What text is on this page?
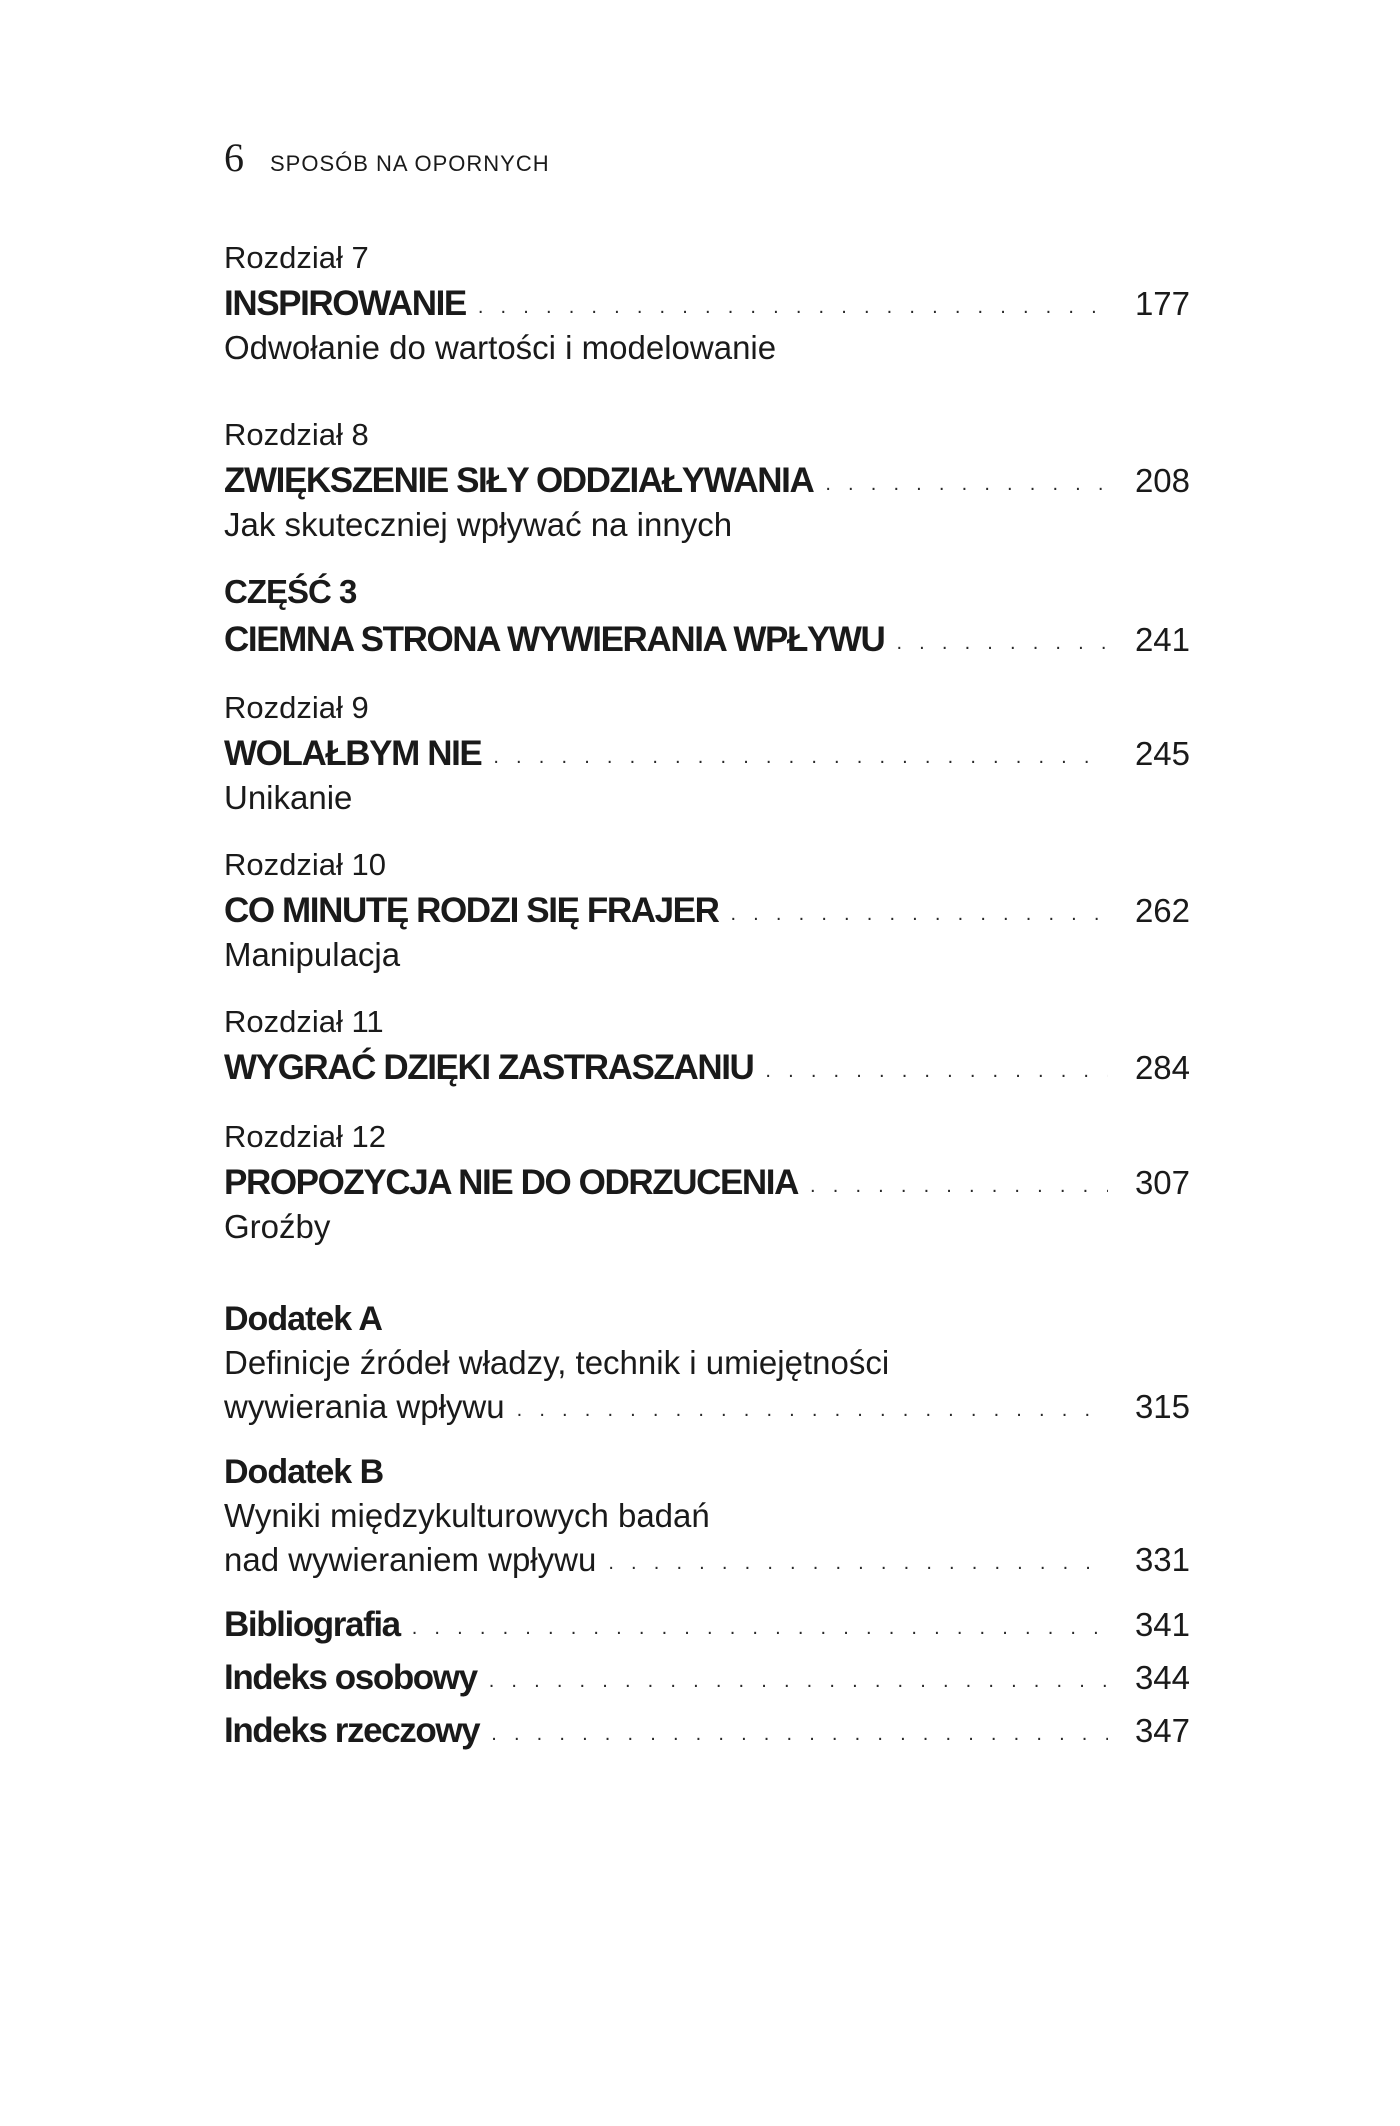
6 SPOSÓB NA OPORNYCH
Rozdział 7
INSPIROWANIE . . .	177
Odwołanie do wartości i modelowanie
Rozdział 8
ZWIĘKSZENIE SIŁY ODDZIAŁYWANIA . . .	208
Jak skuteczniej wpływać na innych
CZĘŚĆ 3
CIEMNA STRONA WYWIERANIA WPŁYWU . . .	241
Rozdział 9
WOLAŁBYM NIE . . .	245
Unikanie
Rozdział 10
CO MINUTĘ RODZI SIĘ FRAJER . . .	262
Manipulacja
Rozdział 11
WYGRAĆ DZIĘKI ZASTRASZANIU . . .	284
Rozdział 12
PROPOZYCJA NIE DO ODRZUCENIA . . .	307
Groźby
Dodatek A
Definicje źródeł władzy, technik i umiejętności
wywierania wpływu . . .	315
Dodatek B
Wyniki międzykulturowych badań
nad wywieranie​m wpływu . . .	331
Bibliografia . . .	341
Indeks osobowy . . .	344
Indeks rzeczowy . . .	347
